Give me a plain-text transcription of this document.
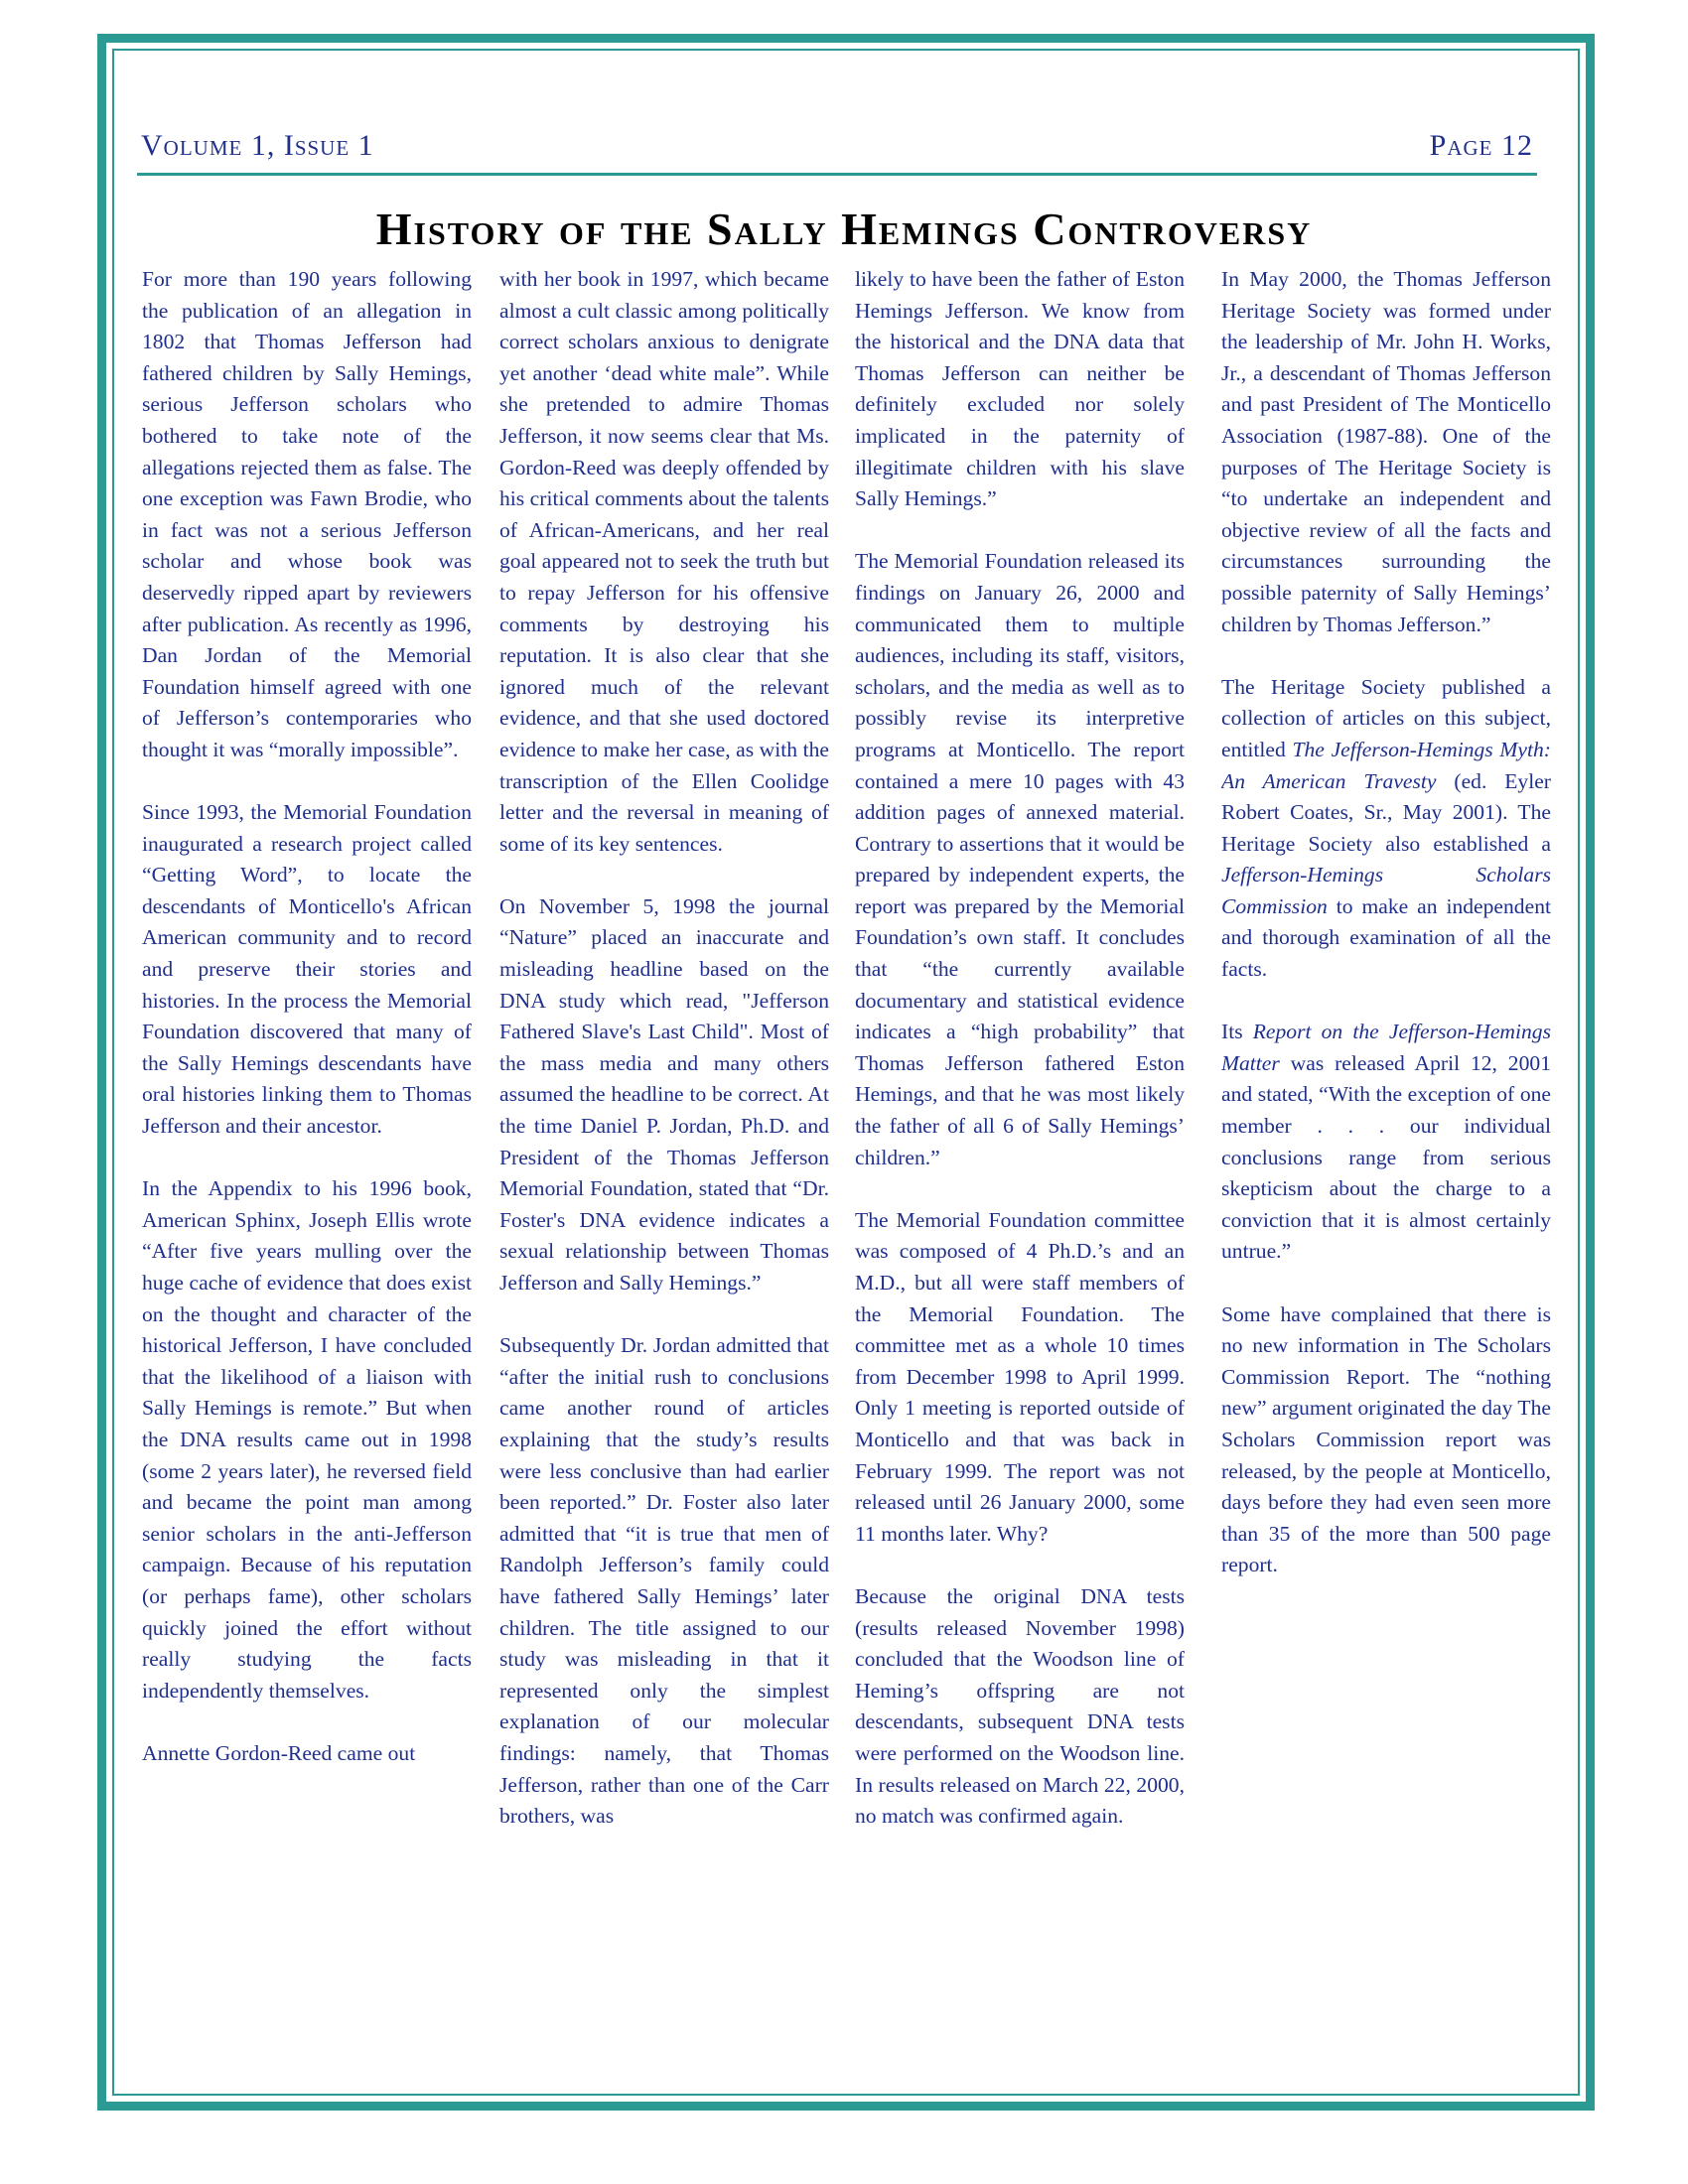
Volume 1, Issue 1	Page 12
History of the Sally Hemings Controversy

For more than 190 years following the publication of an allegation in 1802 that Thomas Jefferson had fathered children by Sally Hemings, serious Jefferson scholars who bothered to take note of the allegations rejected them as false. The one exception was Fawn Brodie, who in fact was not a serious Jefferson scholar and whose book was deservedly ripped apart by reviewers after publication. As recently as 1996, Dan Jordan of the Memorial Foundation himself agreed with one of Jefferson’s contemporaries who thought it was “morally impossible”.

Since 1993, the Memorial Foundation inaugurated a research project called “Getting Word”, to locate the descendants of Monticello's African American community and to record and preserve their stories and histories. In the process the Memorial Foundation discovered that many of the Sally Hemings descendants have oral histories linking them to Thomas Jefferson and their ancestor.

In the Appendix to his 1996 book, American Sphinx, Joseph Ellis wrote “After five years mulling over the huge cache of evidence that does exist on the thought and character of the historical Jefferson, I have concluded that the likelihood of a liaison with Sally Hemings is remote.” But when the DNA results came out in 1998 (some 2 years later), he reversed field and became the point man among senior scholars in the anti-Jefferson campaign. Because of his reputation (or perhaps fame), other scholars quickly joined the effort without really studying the facts independently themselves.

Annette Gordon-Reed came out

with her book in 1997, which became almost a cult classic among politically correct scholars anxious to denigrate yet another ‘dead white male”. While she pretended to admire Thomas Jefferson, it now seems clear that Ms. Gordon-Reed was deeply offended by his critical comments about the talents of African-Americans, and her real goal appeared not to seek the truth but to repay Jefferson for his offensive comments by destroying his reputation. It is also clear that she ignored much of the relevant evidence, and that she used doctored evidence to make her case, as with the transcription of the Ellen Coolidge letter and the reversal in meaning of some of its key sentences.

On November 5, 1998 the journal “Nature” placed an inaccurate and misleading headline based on the DNA study which read, "Jefferson Fathered Slave's Last Child". Most of the mass media and many others assumed the headline to be correct. At the time Daniel P. Jordan, Ph.D. and President of the Thomas Jefferson Memorial Foundation, stated that “Dr. Foster's DNA evidence indicates a sexual relationship between Thomas Jefferson and Sally Hemings.”

Subsequently Dr. Jordan admitted that “after the initial rush to conclusions came another round of articles explaining that the study’s results were less conclusive than had earlier been reported.” Dr. Foster also later admitted that “it is true that men of Randolph Jefferson’s family could have fathered Sally Hemings’ later children. The title assigned to our study was misleading in that it represented only the simplest explanation of our molecular findings: namely, that Thomas Jefferson, rather than one of the Carr brothers, was

likely to have been the father of Eston Hemings Jefferson. We know from the historical and the DNA data that Thomas Jefferson can neither be definitely excluded nor solely implicated in the paternity of illegitimate children with his slave Sally Hemings.”

The Memorial Foundation released its findings on January 26, 2000 and communicated them to multiple audiences, including its staff, visitors, scholars, and the media as well as to possibly revise its interpretive programs at Monticello. The report contained a mere 10 pages with 43 addition pages of annexed material. Contrary to assertions that it would be prepared by independent experts, the report was prepared by the Memorial Foundation’s own staff. It concludes that “the currently available documentary and statistical evidence indicates a “high probability” that Thomas Jefferson fathered Eston Hemings, and that he was most likely the father of all 6 of Sally Hemings’ children.”

The Memorial Foundation committee was composed of 4 Ph.D.’s and an M.D., but all were staff members of the Memorial Foundation. The committee met as a whole 10 times from December 1998 to April 1999. Only 1 meeting is reported outside of Monticello and that was back in February 1999. The report was not released until 26 January 2000, some 11 months later. Why?

Because the original DNA tests (results released November 1998) concluded that the Woodson line of Heming’s offspring are not descendants, subsequent DNA tests were performed on the Woodson line. In results released on March 22, 2000, no match was confirmed again.

In May 2000, the Thomas Jefferson Heritage Society was formed under the leadership of Mr. John H. Works, Jr., a descendant of Thomas Jefferson and past President of The Monticello Association (1987-88). One of the purposes of The Heritage Society is “to undertake an independent and objective review of all the facts and circumstances surrounding the possible paternity of Sally Hemings’ children by Thomas Jefferson.”

The Heritage Society published a collection of articles on this subject, entitled The Jefferson-Hemings Myth: An American Travesty (ed. Eyler Robert Coates, Sr., May 2001). The Heritage Society also established a Jefferson-Hemings Scholars Commission to make an independent and thorough examination of all the facts.

Its Report on the Jefferson-Hemings Matter was released April 12, 2001 and stated, “With the exception of one member . . . our individual conclusions range from serious skepticism about the charge to a conviction that it is almost certainly untrue.”

Some have complained that there is no new information in The Scholars Commission Report. The “nothing new” argument originated the day The Scholars Commission report was released, by the people at Monticello, days before they had even seen more than 35 of the more than 500 page report.
